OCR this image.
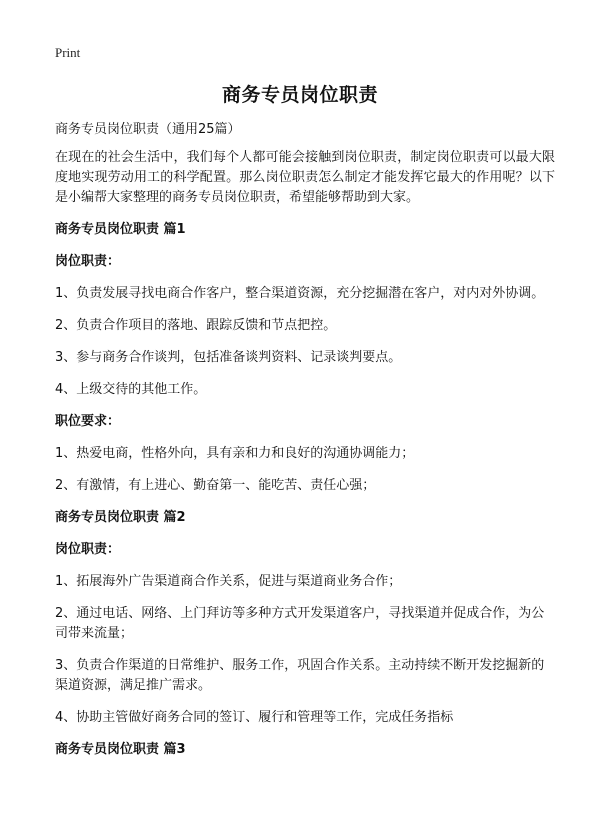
Print
商务专员岗位职责

商务专员岗位职责（通用25篇）

在现在的社会生活中，我们每个人都可能会接触到岗位职责，制定岗位职责可以最大限度地实现劳动用工的科学配置。那么岗位职责怎么制定才能发挥它最大的作用呢？以下是小编帮大家整理的商务专员岗位职责，希望能够帮助到大家。

商务专员岗位职责 篇1

岗位职责：

1、负责发展寻找电商合作客户，整合渠道资源，充分挖掘潜在客户，对内对外协调。

2、负责合作项目的落地、跟踪反馈和节点把控。

3、参与商务合作谈判，包括准备谈判资料、记录谈判要点。

4、上级交待的其他工作。

职位要求：

1、热爱电商，性格外向，具有亲和力和良好的沟通协调能力；

2、有激情，有上进心、勤奋第一、能吃苦、责任心强；

商务专员岗位职责 篇2

岗位职责：

1、拓展海外广告渠道商合作关系，促进与渠道商业务合作；

2、通过电话、网络、上门拜访等多种方式开发渠道客户，寻找渠道并促成合作，为公司带来流量；

3、负责合作渠道的日常维护、服务工作，巩固合作关系。主动持续不断开发挖掘新的渠道资源，满足推广需求。

4、协助主管做好商务合同的签订、履行和管理等工作，完成任务指标

商务专员岗位职责 篇3
